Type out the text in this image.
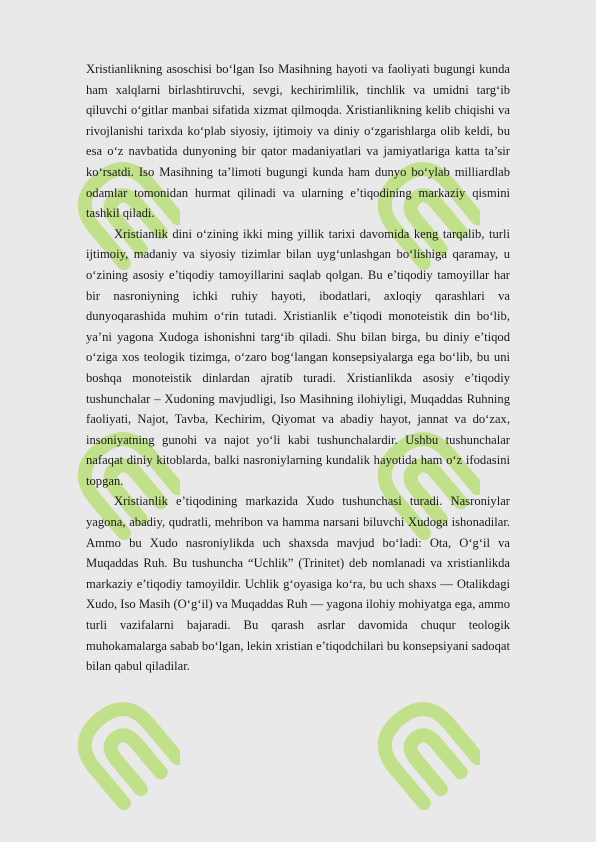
Xristianlikning asoschisi bo‘lgan Iso Masihning hayoti va faoliyati bugungi kunda ham xalqlarni birlashtiruvchi, sevgi, kechirimlilik, tinchlik va umidni targ‘ib qiluvchi o‘gitlar manbai sifatida xizmat qilmoqda. Xristianlikning kelib chiqishi va rivojlanishi tarixda ko‘plab siyosiy, ijtimoiy va diniy o‘zgarishlarga olib keldi, bu esa o‘z navbatida dunyoning bir qator madaniyatlari va jamiyatlariga katta ta’sir ko‘rsatdi. Iso Masihning ta’limoti bugungi kunda ham dunyo bo‘ylab milliardlab odamlar tomonidan hurmat qilinadi va ularning e’tiqodining markaziy qismini tashkil qiladi.

Xristianlik dini o‘zining ikki ming yillik tarixi davomida keng tarqalib, turli ijtimoiy, madaniy va siyosiy tizimlar bilan uyg‘unlashgan bo‘lishiga qaramay, u o‘zining asosiy e’tiqodiy tamoyillarini saqlab qolgan. Bu e’tiqodiy tamoyillar har bir nasroniyning ichki ruhiy hayoti, ibodatlari, axloqiy qarashlari va dunyoqarashida muhim o‘rin tutadi. Xristianlik e’tiqodi monoteistik din bo‘lib, ya’ni yagona Xudoga ishonishni targ‘ib qiladi. Shu bilan birga, bu diniy e’tiqod o‘ziga xos teologik tizimga, o‘zaro bog‘langan konsepsiyalarga ega bo‘lib, bu uni boshqa monoteistik dinlardan ajratib turadi. Xristianlikda asosiy e’tiqodiy tushunchalar – Xudoning mavjudligi, Iso Masihning ilohiyligi, Muqaddas Ruhning faoliyati, Najot, Tavba, Kechirim, Qiyomat va abadiy hayot, jannat va do‘zax, insoniyatning gunohi va najot yo‘li kabi tushunchalardir. Ushbu tushunchalar nafaqat diniy kitoblarda, balki nasroniylarning kundalik hayotida ham o‘z ifodasini topgan.

Xristianlik e’tiqodining markazida Xudo tushunchasi turadi. Nasroniylar yagona, abadiy, qudratli, mehribon va hamma narsani biluvchi Xudoga ishonadilar. Ammo bu Xudo nasroniylikda uch shaxsda mavjud bo‘ladi: Ota, O‘g‘il va Muqaddas Ruh. Bu tushuncha “Uchlik” (Trinitet) deb nomlanadi va xristianlikda markaziy e’tiqodiy tamoyildir. Uchlik g‘oyasiga ko‘ra, bu uch shaxs — Otalikdagi Xudo, Iso Masih (O‘g‘il) va Muqaddas Ruh — yagona ilohiy mohiyatga ega, ammo turli vazifalarni bajaradi. Bu qarash asrlar davomida chuqur teologik muhokamalarga sabab bo‘lgan, lekin xristian e’tiqodchilari bu konsepsiyani sadoqat bilan qabul qiladilar.
